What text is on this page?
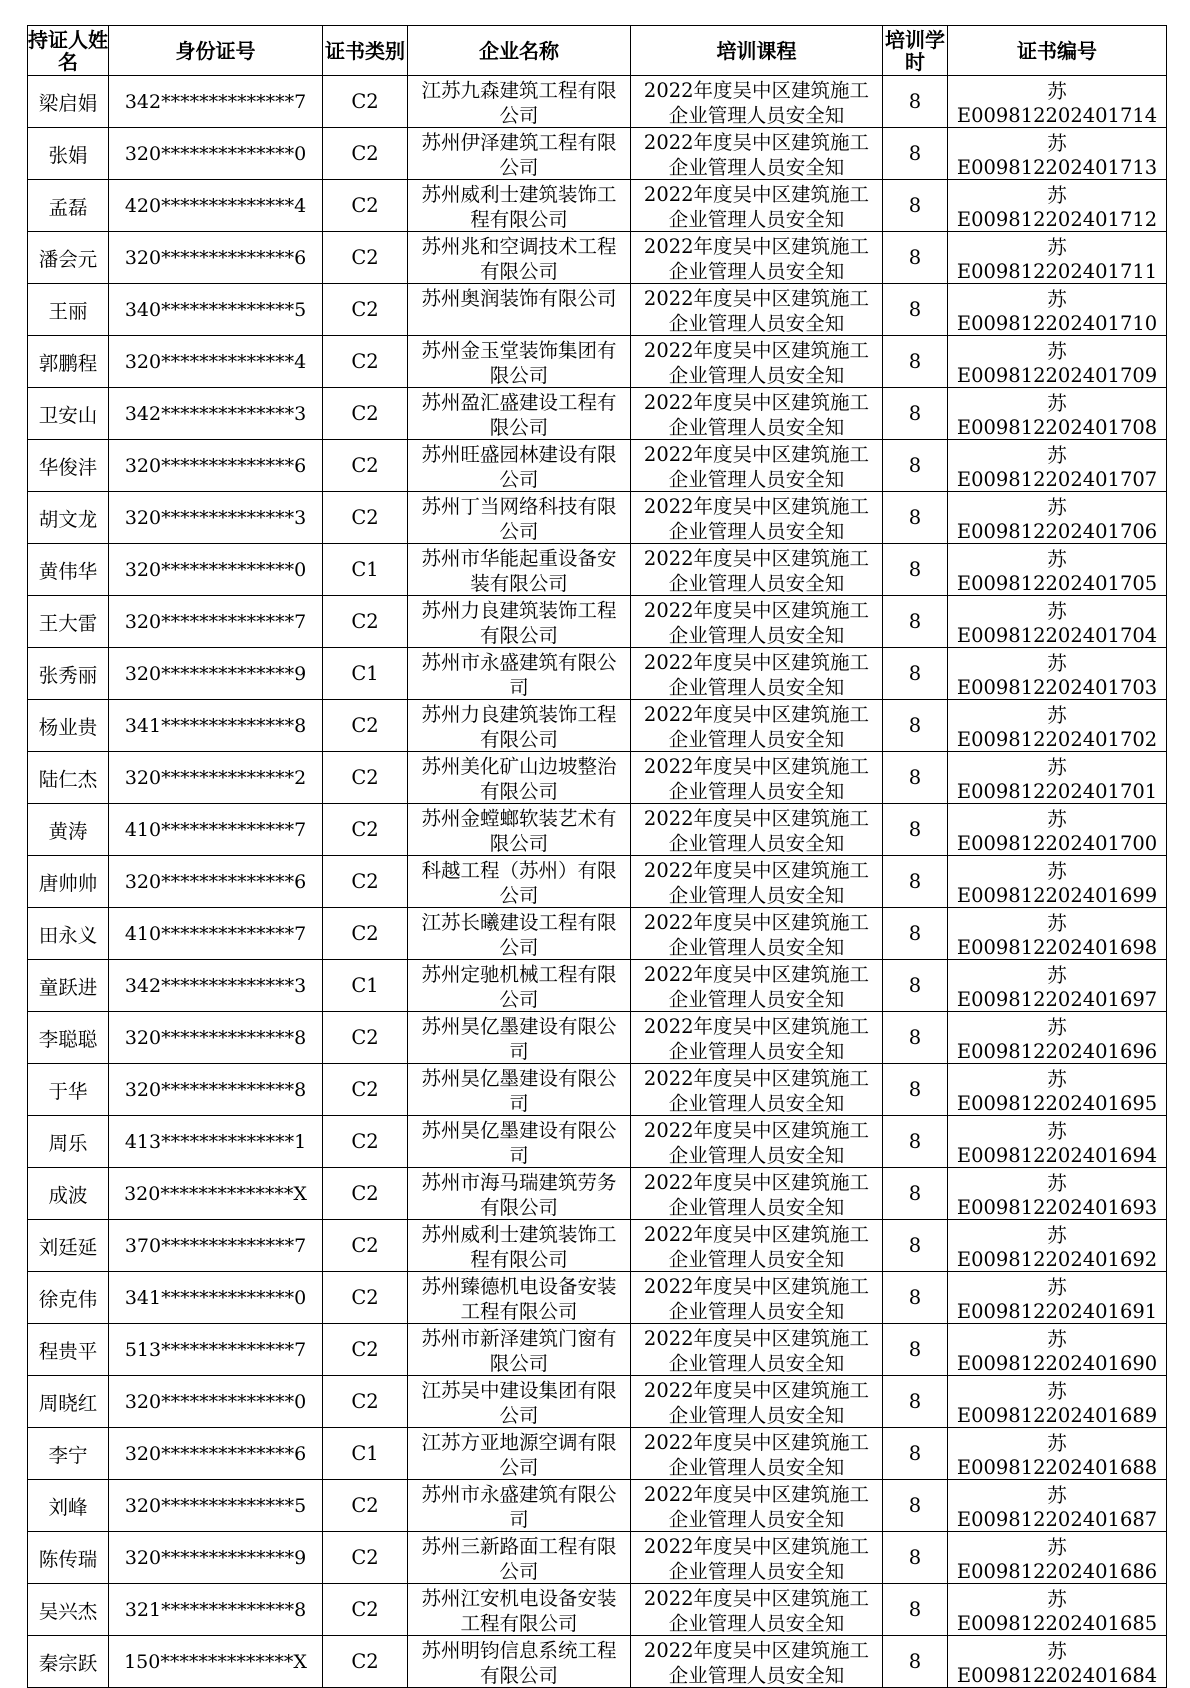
持证人姓名	身份证号	证书类别	企业名称	培训课程	培训学时	证书编号
梁启娟	342**************7	C2	江苏九森建筑工程有限公司	2022年度吴中区建筑施工企业管理人员安全知	8	苏E009812202401714
张娟	320**************0	C2	苏州伊泽建筑工程有限公司	2022年度吴中区建筑施工企业管理人员安全知	8	苏E009812202401713
孟磊	420**************4	C2	苏州威利士建筑装饰工程有限公司	2022年度吴中区建筑施工企业管理人员安全知	8	苏E009812202401712
潘会元	320**************6	C2	苏州兆和空调技术工程有限公司	2022年度吴中区建筑施工企业管理人员安全知	8	苏E009812202401711
王丽	340**************5	C2	苏州奥润装饰有限公司	2022年度吴中区建筑施工企业管理人员安全知	8	苏E009812202401710
郭鹏程	320**************4	C2	苏州金玉堂装饰集团有限公司	2022年度吴中区建筑施工企业管理人员安全知	8	苏E009812202401709
卫安山	342**************3	C2	苏州盈汇盛建设工程有限公司	2022年度吴中区建筑施工企业管理人员安全知	8	苏E009812202401708
华俊沣	320**************6	C2	苏州旺盛园林建设有限公司	2022年度吴中区建筑施工企业管理人员安全知	8	苏E009812202401707
胡文龙	320**************3	C2	苏州丁当网络科技有限公司	2022年度吴中区建筑施工企业管理人员安全知	8	苏E009812202401706
黄伟华	320**************0	C1	苏州市华能起重设备安装有限公司	2022年度吴中区建筑施工企业管理人员安全知	8	苏E009812202401705
王大雷	320**************7	C2	苏州力良建筑装饰工程有限公司	2022年度吴中区建筑施工企业管理人员安全知	8	苏E009812202401704
张秀丽	320**************9	C1	苏州市永盛建筑有限公司	2022年度吴中区建筑施工企业管理人员安全知	8	苏E009812202401703
杨业贵	341**************8	C2	苏州力良建筑装饰工程有限公司	2022年度吴中区建筑施工企业管理人员安全知	8	苏E009812202401702
陆仁杰	320**************2	C2	苏州美化矿山边坡整治有限公司	2022年度吴中区建筑施工企业管理人员安全知	8	苏E009812202401701
黄涛	410**************7	C2	苏州金螳螂软装艺术有限公司	2022年度吴中区建筑施工企业管理人员安全知	8	苏E009812202401700
唐帅帅	320**************6	C2	科越工程（苏州）有限公司	2022年度吴中区建筑施工企业管理人员安全知	8	苏E009812202401699
田永义	410**************7	C2	江苏长曦建设工程有限公司	2022年度吴中区建筑施工企业管理人员安全知	8	苏E009812202401698
童跃进	342**************3	C1	苏州定驰机械工程有限公司	2022年度吴中区建筑施工企业管理人员安全知	8	苏E009812202401697
李聪聪	320**************8	C2	苏州昊亿墨建设有限公司	2022年度吴中区建筑施工企业管理人员安全知	8	苏E009812202401696
于华	320**************8	C2	苏州昊亿墨建设有限公司	2022年度吴中区建筑施工企业管理人员安全知	8	苏E009812202401695
周乐	413**************1	C2	苏州昊亿墨建设有限公司	2022年度吴中区建筑施工企业管理人员安全知	8	苏E009812202401694
成波	320**************X	C2	苏州市海马瑞建筑劳务有限公司	2022年度吴中区建筑施工企业管理人员安全知	8	苏E009812202401693
刘廷延	370**************7	C2	苏州威利士建筑装饰工程有限公司	2022年度吴中区建筑施工企业管理人员安全知	8	苏E009812202401692
徐克伟	341**************0	C2	苏州臻德机电设备安装工程有限公司	2022年度吴中区建筑施工企业管理人员安全知	8	苏E009812202401691
程贵平	513**************7	C2	苏州市新泽建筑门窗有限公司	2022年度吴中区建筑施工企业管理人员安全知	8	苏E009812202401690
周晓红	320**************0	C2	江苏吴中建设集团有限公司	2022年度吴中区建筑施工企业管理人员安全知	8	苏E009812202401689
李宁	320**************6	C1	江苏方亚地源空调有限公司	2022年度吴中区建筑施工企业管理人员安全知	8	苏E009812202401688
刘峰	320**************5	C2	苏州市永盛建筑有限公司	2022年度吴中区建筑施工企业管理人员安全知	8	苏E009812202401687
陈传瑞	320**************9	C2	苏州三新路面工程有限公司	2022年度吴中区建筑施工企业管理人员安全知	8	苏E009812202401686
吴兴杰	321**************8	C2	苏州江安机电设备安装工程有限公司	2022年度吴中区建筑施工企业管理人员安全知	8	苏E009812202401685
秦宗跃	150**************X	C2	苏州明钧信息系统工程有限公司	2022年度吴中区建筑施工企业管理人员安全知	8	苏E009812202401684
